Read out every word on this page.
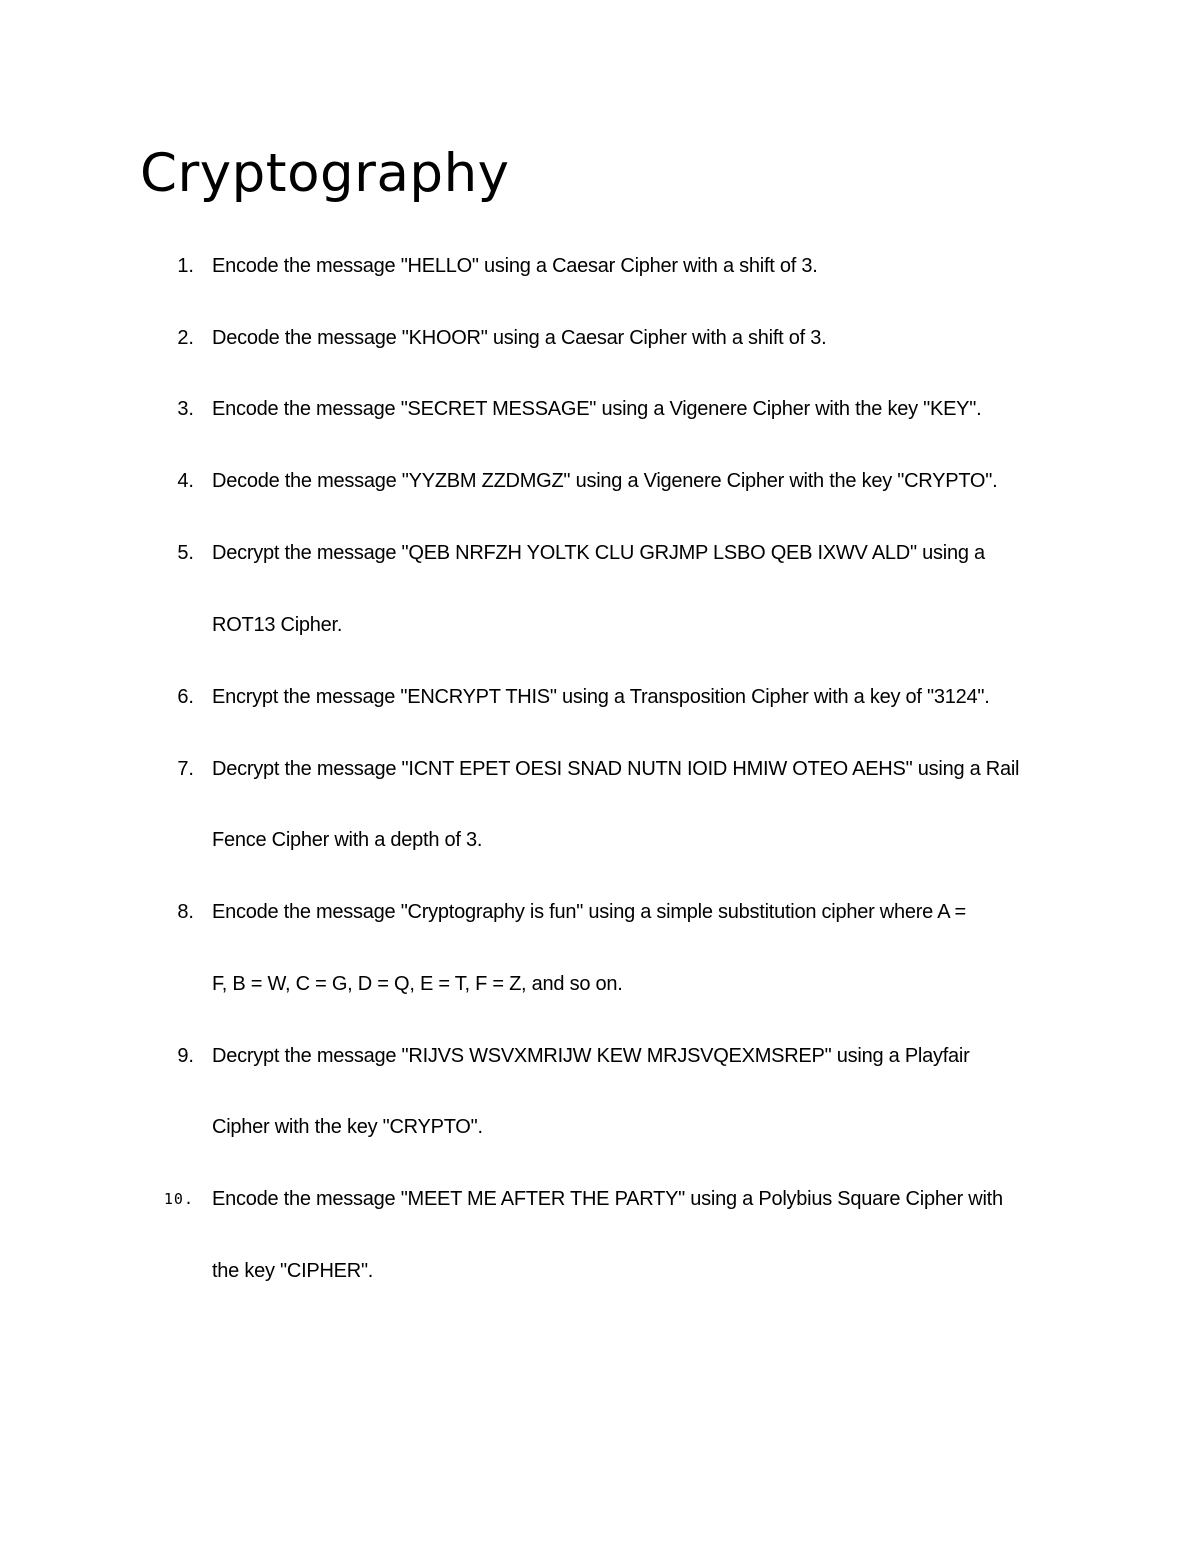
Cryptography
1. Encode the message "HELLO" using a Caesar Cipher with a shift of 3.
2. Decode the message "KHOOR" using a Caesar Cipher with a shift of 3.
3. Encode the message "SECRET MESSAGE" using a Vigenere Cipher with the key "KEY".
4. Decode the message "YYZBM ZZDMGZ" using a Vigenere Cipher with the key "CRYPTO".
5. Decrypt the message "QEB NRFZH YOLTK CLU GRJMP LSBO QEB IXWV ALD" using a
ROT13 Cipher.
6. Encrypt the message "ENCRYPT THIS" using a Transposition Cipher with a key of "3124".
7. Decrypt the message "ICNT EPET OESI SNAD NUTN IOID HMIW OTEO AEHS" using a Rail
Fence Cipher with a depth of 3.
8. Encode the message "Cryptography is fun" using a simple substitution cipher where A =
F, B = W, C = G, D = Q, E = T, F = Z, and so on.
9. Decrypt the message "RIJVS WSVXMRIJW KEW MRJSVQEXMSREP" using a Playfair
Cipher with the key "CRYPTO".
10. Encode the message "MEET ME AFTER THE PARTY" using a Polybius Square Cipher with
the key "CIPHER".
